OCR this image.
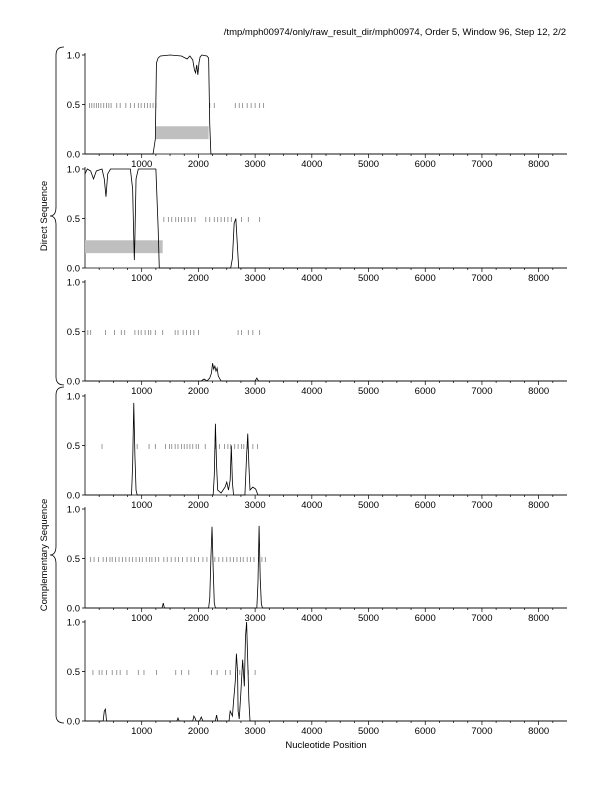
/tmp/mph00974/only/raw_result_dir/mph00974, Order 5, Window 96, Step 12, 2/2
Direct Sequence
Complementary Sequence
0.0
0.5
1.0
1000	2000	3000	4000	5000	6000	7000	8000
0.0
0.5
1.0
1000	2000	3000	4000	5000	6000	7000	8000
0.0
0.5
1.0
1000	2000	3000	4000	5000	6000	7000	8000
0.0
0.5
1.0
1000	2000	3000	4000	5000	6000	7000	8000
0.0
0.5
1.0
1000	2000	3000	4000	5000	6000	7000	8000
0.0
0.5
1.0
1000	2000	3000	4000	5000	6000	7000	8000
Nucleotide Position
